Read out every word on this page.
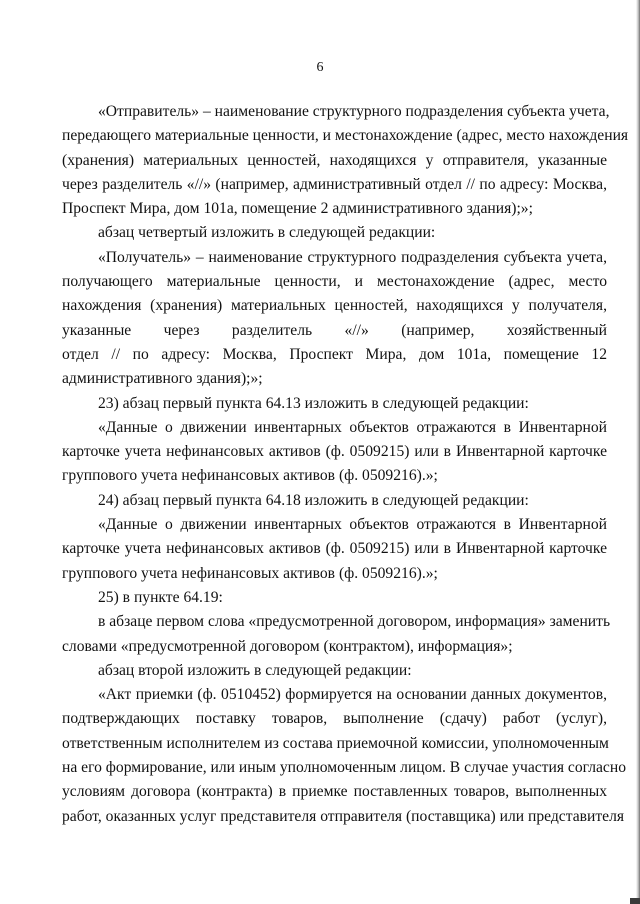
6
«Отправитель» – наименование структурного подразделения субъекта учета,
передающего материальные ценности, и местонахождение (адрес, место нахождения
(хранения) материальных ценностей, находящихся у отправителя, указанные
через разделитель «//» (например, административный отдел // по адресу: Москва,
Проспект Мира, дом 101а, помещение 2 административного здания);»;
абзац четвертый изложить в следующей редакции:
«Получатель» – наименование структурного подразделения субъекта учета,
получающего материальные ценности, и местонахождение (адрес, место
нахождения (хранения) материальных ценностей, находящихся у получателя,
указанные через разделитель «//» (например, хозяйственный
отдел // по адресу: Москва, Проспект Мира, дом 101а, помещение 12
административного здания);»;
23) абзац первый пункта 64.13 изложить в следующей редакции:
«Данные о движении инвентарных объектов отражаются в Инвентарной
карточке учета нефинансовых активов (ф. 0509215) или в Инвентарной карточке
группового учета нефинансовых активов (ф. 0509216).»;
24) абзац первый пункта 64.18 изложить в следующей редакции:
«Данные о движении инвентарных объектов отражаются в Инвентарной
карточке учета нефинансовых активов (ф. 0509215) или в Инвентарной карточке
группового учета нефинансовых активов (ф. 0509216).»;
25) в пункте 64.19:
в абзаце первом слова «предусмотренной договором, информация» заменить
словами «предусмотренной договором (контрактом), информация»;
абзац второй изложить в следующей редакции:
«Акт приемки (ф. 0510452) формируется на основании данных документов,
подтверждающих поставку товаров, выполнение (сдачу) работ (услуг),
ответственным исполнителем из состава приемочной комиссии, уполномоченным
на его формирование, или иным уполномоченным лицом. В случае участия согласно
условиям договора (контракта) в приемке поставленных товаров, выполненных
работ, оказанных услуг представителя отправителя (поставщика) или представителя
